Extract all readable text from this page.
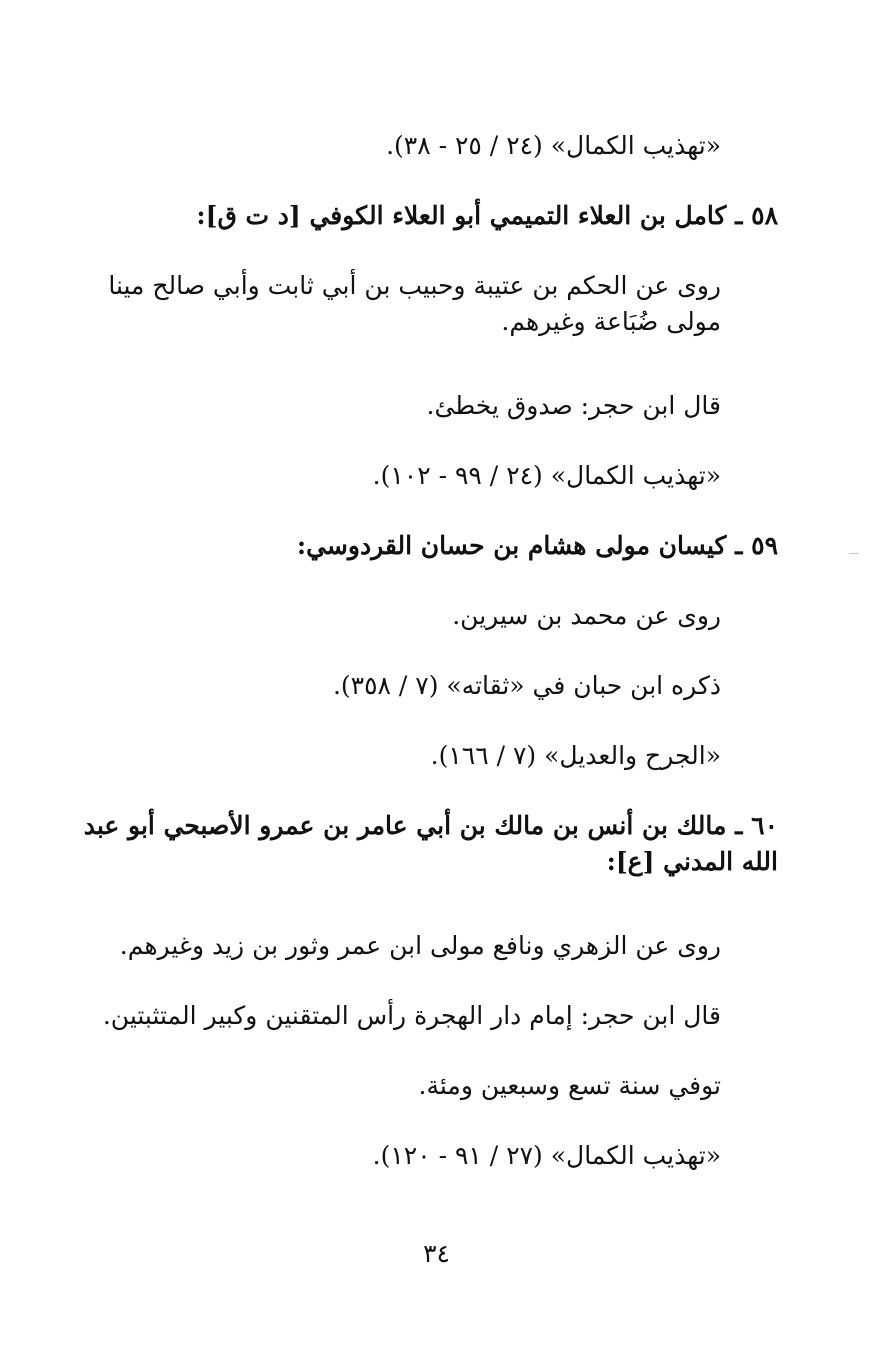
«تهذيب الكمال» (٢٤ / ٢٥ - ٣٨).
٥٨ ـ كامل بن العلاء التميمي أبو العلاء الكوفي [د ت ق]:
روى عن الحكم بن عتيبة وحبيب بن أبي ثابت وأبي صالح مينا مولى ضُبَاعة وغيرهم.
قال ابن حجر: صدوق يخطئ.
«تهذيب الكمال» (٢٤ / ٩٩ - ١٠٢).
٥٩ ـ كيسان مولى هشام بن حسان القردوسي:
روى عن محمد بن سيرين.
ذكره ابن حبان في «ثقاته» (٧ / ٣٥٨).
«الجرح والعديل» (٧ / ١٦٦).
٦٠ ـ مالك بن أنس بن مالك بن أبي عامر بن عمرو الأصبحي أبو عبد الله المدني [ع]:
روى عن الزهري ونافع مولى ابن عمر وثور بن زيد وغيرهم.
قال ابن حجر: إمام دار الهجرة رأس المتقنين وكبير المتثبتين.
توفي سنة تسع وسبعين ومئة.
«تهذيب الكمال» (٢٧ / ٩١ - ١٢٠).
٣٤
